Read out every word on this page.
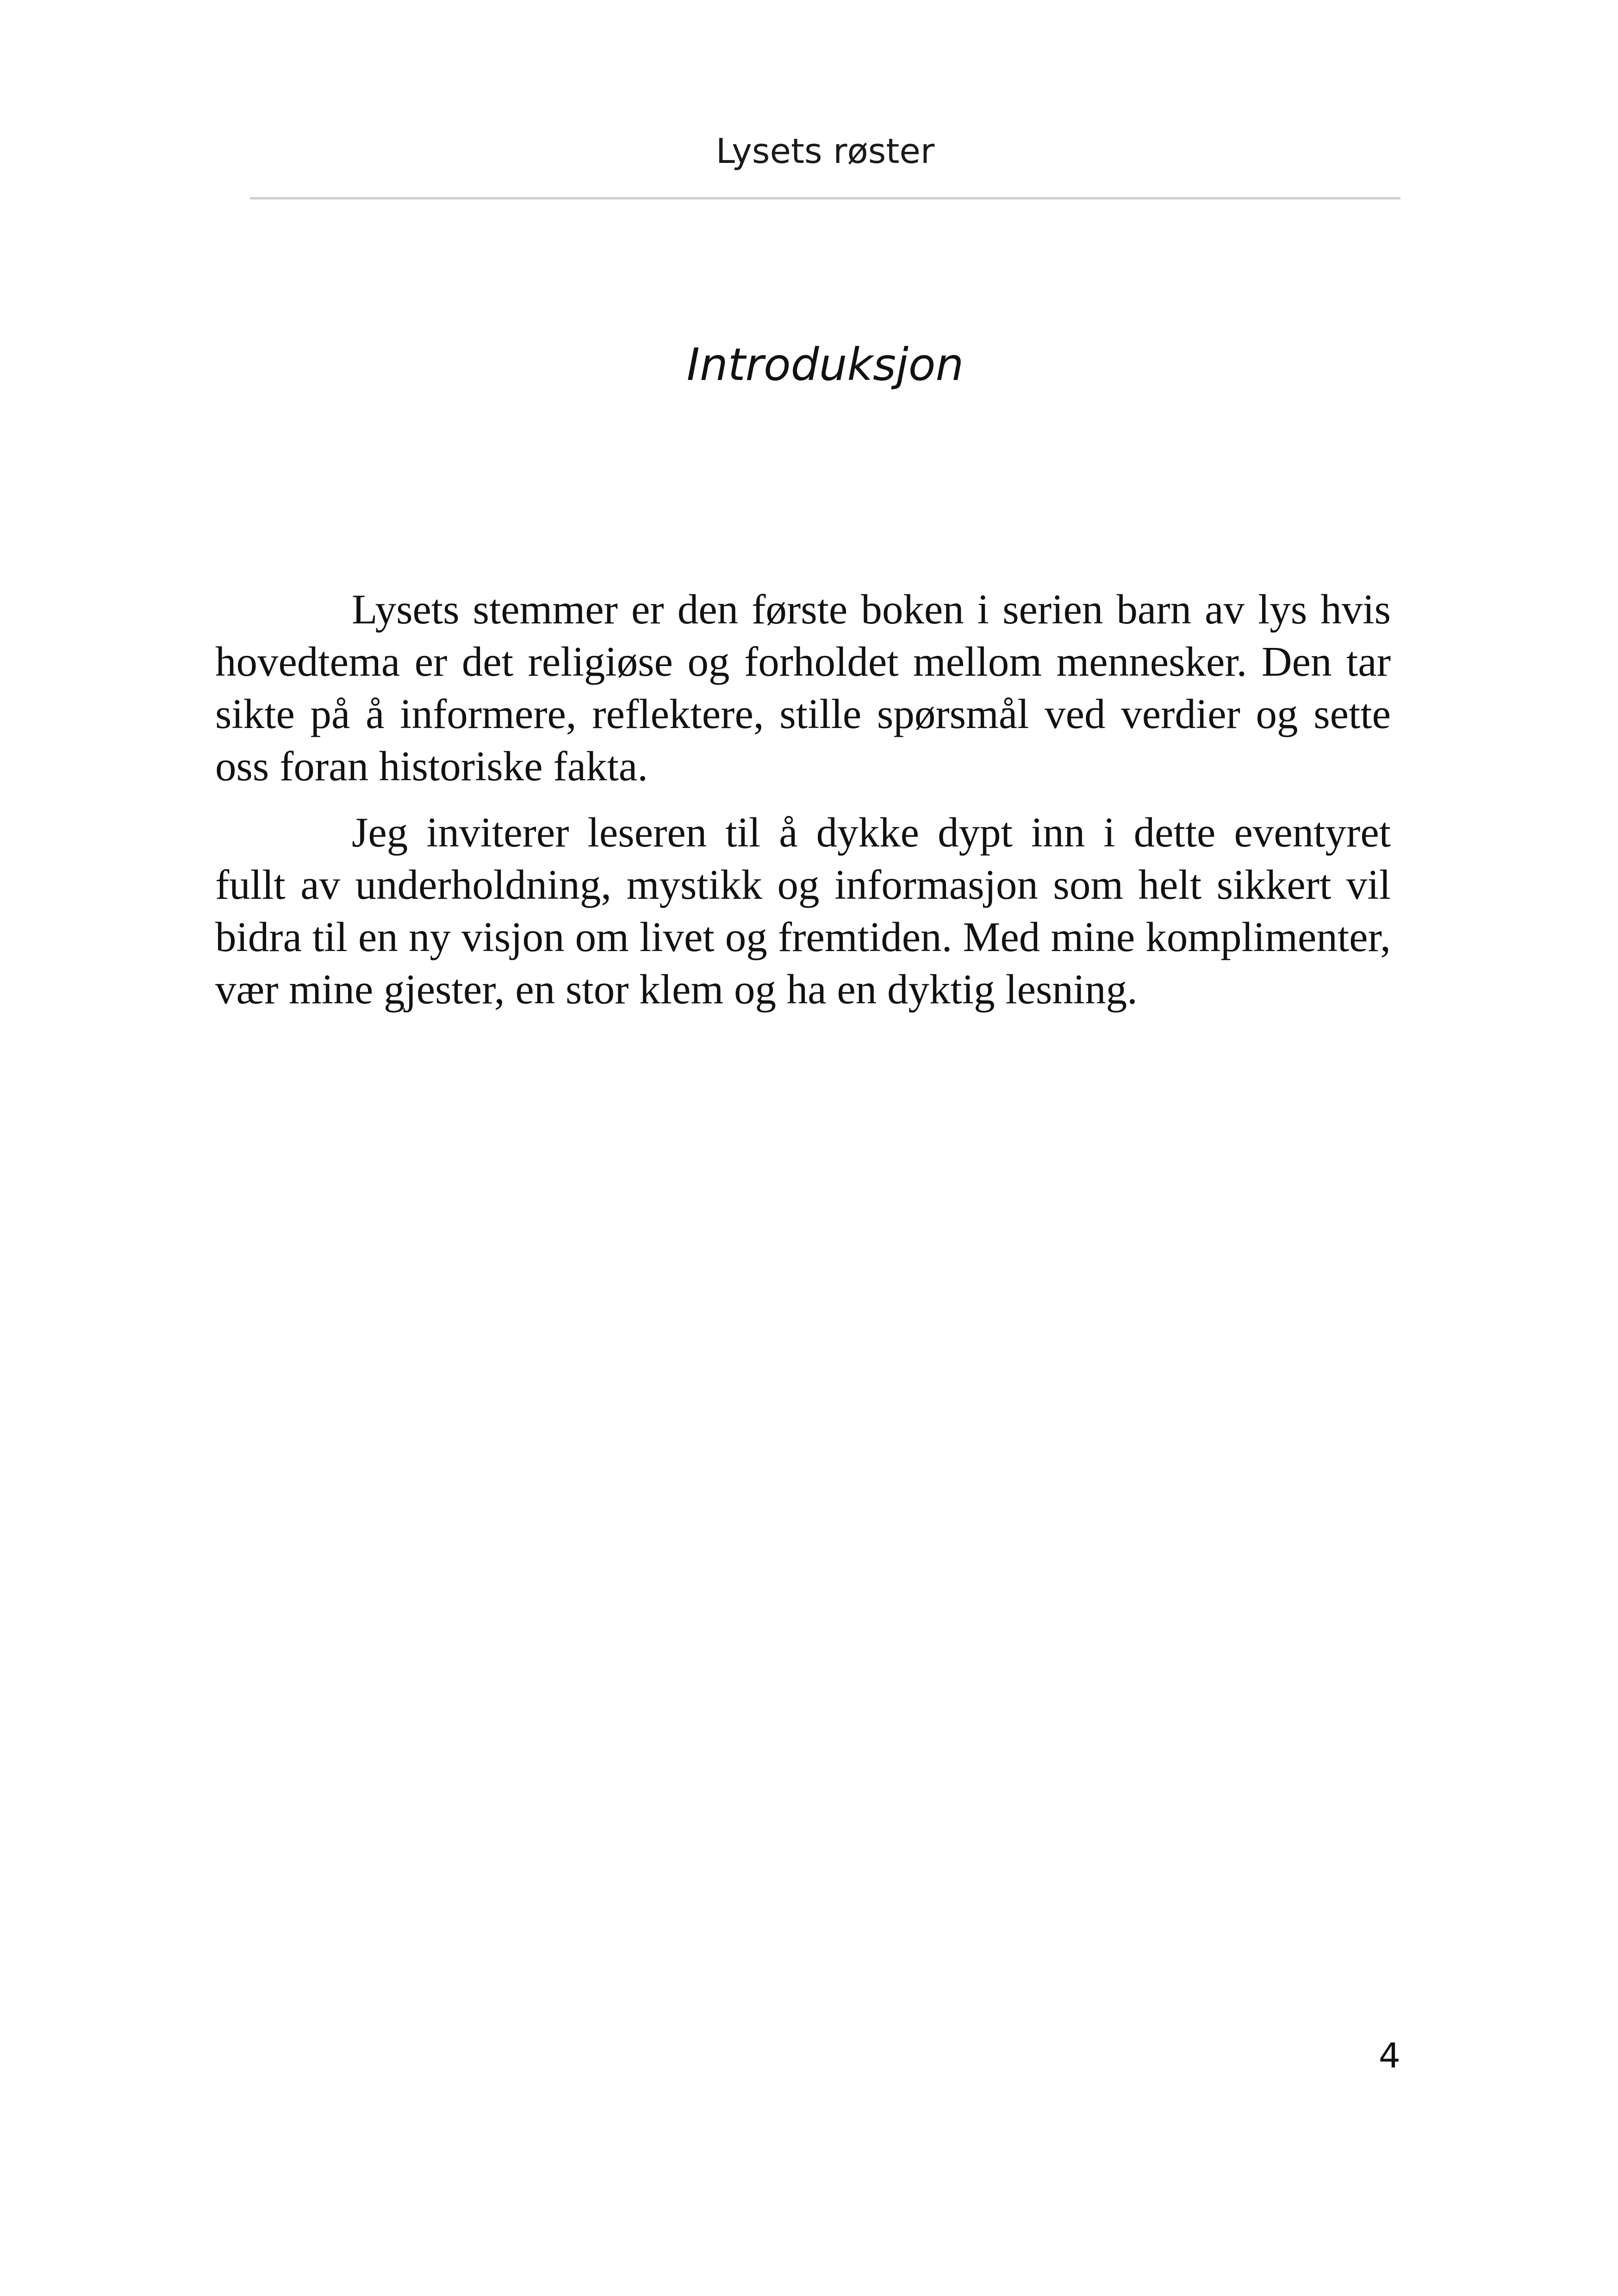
Lysets røster
Introduksjon

Lysets stemmer er den første boken i serien barn av lys hvis hovedtema er det religiøse og forholdet mellom mennesker. Den tar sikte på å informere, reflektere, stille spørsmål ved verdier og sette oss foran historiske fakta.

Jeg inviterer leseren til å dykke dypt inn i dette eventyret fullt av underholdning, mystikk og informasjon som helt sikkert vil bidra til en ny visjon om livet og fremtiden. Med mine komplimenter, vær mine gjester, en stor klem og ha en dyktig lesning.

4
